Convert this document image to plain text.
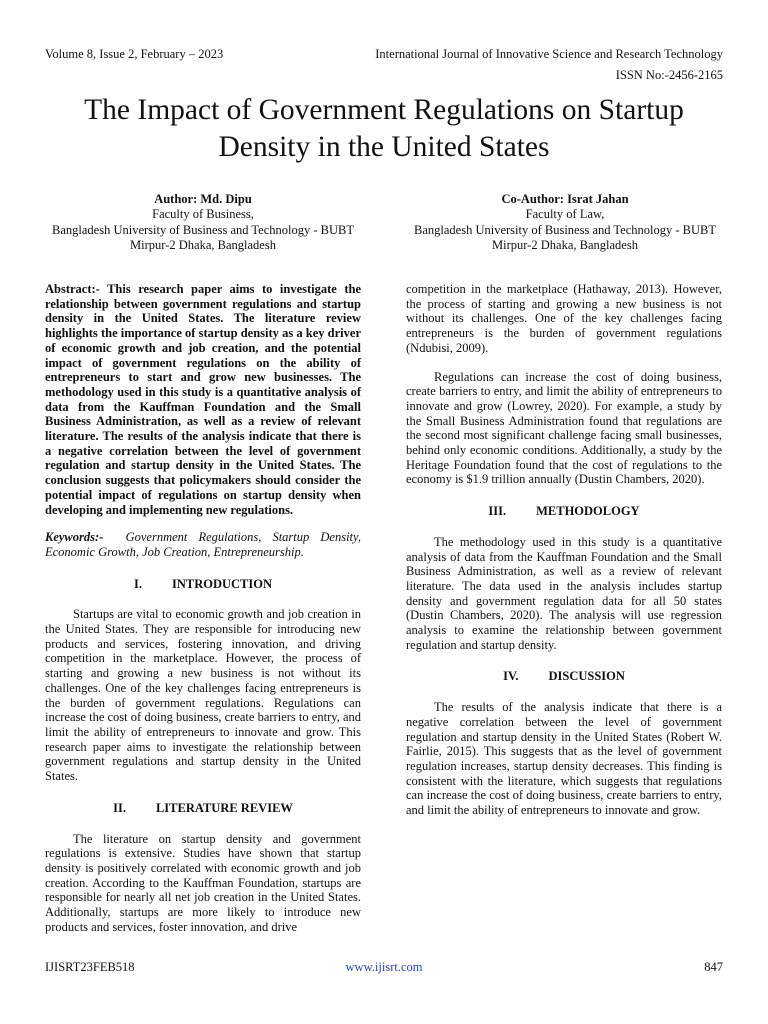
Volume 8, Issue 2, February – 2023	International Journal of Innovative Science and Research Technology
ISSN No:-2456-2165
The Impact of Government Regulations on Startup Density in the United States
Author: Md. Dipu
Faculty of Business,
Bangladesh University of Business and Technology - BUBT
Mirpur-2 Dhaka, Bangladesh
Co-Author: Israt Jahan
Faculty of Law,
Bangladesh University of Business and Technology - BUBT
Mirpur-2 Dhaka, Bangladesh

Abstract:- This research paper aims to investigate the relationship between government regulations and startup density in the United States. The literature review highlights the importance of startup density as a key driver of economic growth and job creation, and the potential impact of government regulations on the ability of entrepreneurs to start and grow new businesses. The methodology used in this study is a quantitative analysis of data from the Kauffman Foundation and the Small Business Administration, as well as a review of relevant literature. The results of the analysis indicate that there is a negative correlation between the level of government regulation and startup density in the United States. The conclusion suggests that policymakers should consider the potential impact of regulations on startup density when developing and implementing new regulations.

Keywords:- Government Regulations, Startup Density, Economic Growth, Job Creation, Entrepreneurship.

I. INTRODUCTION

Startups are vital to economic growth and job creation in the United States. They are responsible for introducing new products and services, fostering innovation, and driving competition in the marketplace. However, the process of starting and growing a new business is not without its challenges. One of the key challenges facing entrepreneurs is the burden of government regulations. Regulations can increase the cost of doing business, create barriers to entry, and limit the ability of entrepreneurs to innovate and grow. This research paper aims to investigate the relationship between government regulations and startup density in the United States.

II. LITERATURE REVIEW

The literature on startup density and government regulations is extensive. Studies have shown that startup density is positively correlated with economic growth and job creation. According to the Kauffman Foundation, startups are responsible for nearly all net job creation in the United States. Additionally, startups are more likely to introduce new products and services, foster innovation, and drive

competition in the marketplace (Hathaway, 2013). However, the process of starting and growing a new business is not without its challenges. One of the key challenges facing entrepreneurs is the burden of government regulations (Ndubisi, 2009).

Regulations can increase the cost of doing business, create barriers to entry, and limit the ability of entrepreneurs to innovate and grow (Lowrey, 2020). For example, a study by the Small Business Administration found that regulations are the second most significant challenge facing small businesses, behind only economic conditions. Additionally, a study by the Heritage Foundation found that the cost of regulations to the economy is $1.9 trillion annually (Dustin Chambers, 2020).

III. METHODOLOGY

The methodology used in this study is a quantitative analysis of data from the Kauffman Foundation and the Small Business Administration, as well as a review of relevant literature. The data used in the analysis includes startup density and government regulation data for all 50 states (Dustin Chambers, 2020). The analysis will use regression analysis to examine the relationship between government regulation and startup density.

IV. DISCUSSION

The results of the analysis indicate that there is a negative correlation between the level of government regulation and startup density in the United States (Robert W. Fairlie, 2015). This suggests that as the level of government regulation increases, startup density decreases. This finding is consistent with the literature, which suggests that regulations can increase the cost of doing business, create barriers to entry, and limit the ability of entrepreneurs to innovate and grow.

IJISRT23FEB518	www.ijisrt.com	847
